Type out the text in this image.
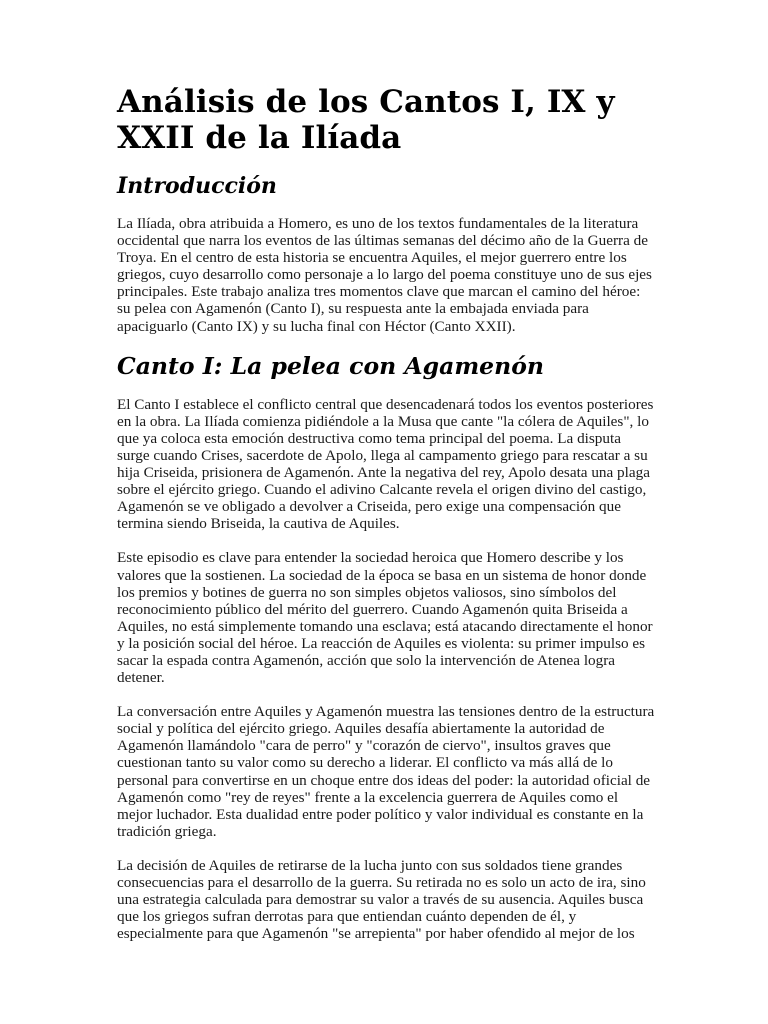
Análisis de los Cantos I, IX y XXII de la Ilíada
Introducción

La Ilíada, obra atribuida a Homero, es uno de los textos fundamentales de la literatura occidental que narra los eventos de las últimas semanas del décimo año de la Guerra de Troya. En el centro de esta historia se encuentra Aquiles, el mejor guerrero entre los griegos, cuyo desarrollo como personaje a lo largo del poema constituye uno de sus ejes principales. Este trabajo analiza tres momentos clave que marcan el camino del héroe: su pelea con Agamenón (Canto I), su respuesta ante la embajada enviada para apaciguarlo (Canto IX) y su lucha final con Héctor (Canto XXII).

Canto I: La pelea con Agamenón

El Canto I establece el conflicto central que desencadenará todos los eventos posteriores en la obra. La Ilíada comienza pidiéndole a la Musa que cante "la cólera de Aquiles", lo que ya coloca esta emoción destructiva como tema principal del poema. La disputa surge cuando Crises, sacerdote de Apolo, llega al campamento griego para rescatar a su hija Criseida, prisionera de Agamenón. Ante la negativa del rey, Apolo desata una plaga sobre el ejército griego. Cuando el adivino Calcante revela el origen divino del castigo, Agamenón se ve obligado a devolver a Criseida, pero exige una compensación que termina siendo Briseida, la cautiva de Aquiles.

Este episodio es clave para entender la sociedad heroica que Homero describe y los valores que la sostienen. La sociedad de la época se basa en un sistema de honor donde los premios y botines de guerra no son simples objetos valiosos, sino símbolos del reconocimiento público del mérito del guerrero. Cuando Agamenón quita Briseida a Aquiles, no está simplemente tomando una esclava; está atacando directamente el honor y la posición social del héroe. La reacción de Aquiles es violenta: su primer impulso es sacar la espada contra Agamenón, acción que solo la intervención de Atenea logra detener.

La conversación entre Aquiles y Agamenón muestra las tensiones dentro de la estructura social y política del ejército griego. Aquiles desafía abiertamente la autoridad de Agamenón llamándolo "cara de perro" y "corazón de ciervo", insultos graves que cuestionan tanto su valor como su derecho a liderar. El conflicto va más allá de lo personal para convertirse en un choque entre dos ideas del poder: la autoridad oficial de Agamenón como "rey de reyes" frente a la excelencia guerrera de Aquiles como el mejor luchador. Esta dualidad entre poder político y valor individual es constante en la tradición griega.

La decisión de Aquiles de retirarse de la lucha junto con sus soldados tiene grandes consecuencias para el desarrollo de la guerra. Su retirada no es solo un acto de ira, sino una estrategia calculada para demostrar su valor a través de su ausencia. Aquiles busca que los griegos sufran derrotas para que entiendan cuánto dependen de él, y especialmente para que Agamenón "se arrepienta" por haber ofendido al mejor de los
